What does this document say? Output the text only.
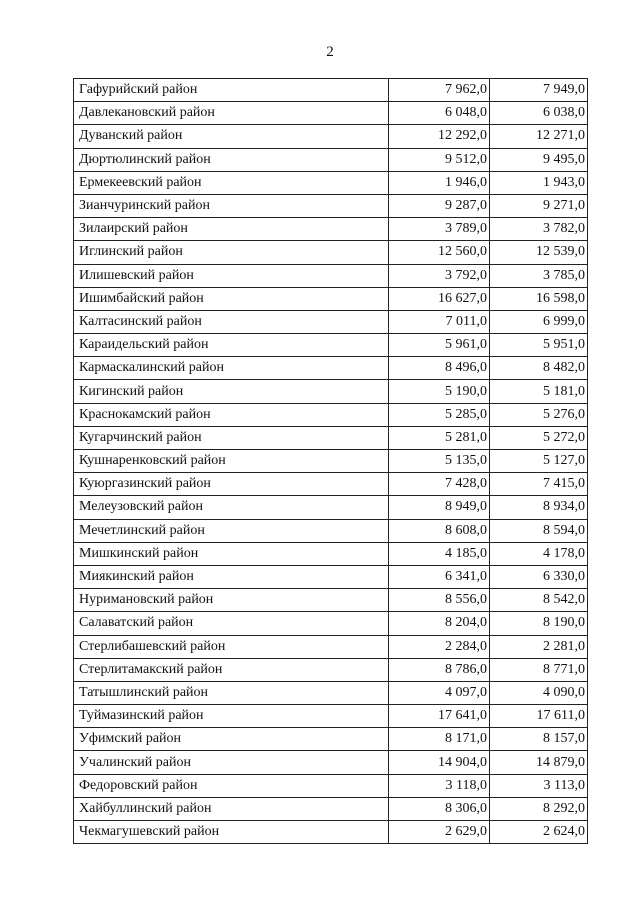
2
Гафурийский район	7 962,0	7 949,0
Давлекановский район	6 048,0	6 038,0
Дуванский район	12 292,0	12 271,0
Дюртюлинский район	9 512,0	9 495,0
Ермекеевский район	1 946,0	1 943,0
Зианчуринский район	9 287,0	9 271,0
Зилаирский район	3 789,0	3 782,0
Иглинский район	12 560,0	12 539,0
Илишевский район	3 792,0	3 785,0
Ишимбайский район	16 627,0	16 598,0
Калтасинский район	7 011,0	6 999,0
Караидельский район	5 961,0	5 951,0
Кармаскалинский район	8 496,0	8 482,0
Кигинский район	5 190,0	5 181,0
Краснокамский район	5 285,0	5 276,0
Кугарчинский район	5 281,0	5 272,0
Кушнаренковский район	5 135,0	5 127,0
Куюргазинский район	7 428,0	7 415,0
Мелеузовский район	8 949,0	8 934,0
Мечетлинский район	8 608,0	8 594,0
Мишкинский район	4 185,0	4 178,0
Миякинский район	6 341,0	6 330,0
Нуримановский район	8 556,0	8 542,0
Салаватский район	8 204,0	8 190,0
Стерлибашевский район	2 284,0	2 281,0
Стерлитамакский район	8 786,0	8 771,0
Татышлинский район	4 097,0	4 090,0
Туймазинский район	17 641,0	17 611,0
Уфимский район	8 171,0	8 157,0
Учалинский район	14 904,0	14 879,0
Федоровский район	3 118,0	3 113,0
Хайбуллинский район	8 306,0	8 292,0
Чекмагушевский район	2 629,0	2 624,0
